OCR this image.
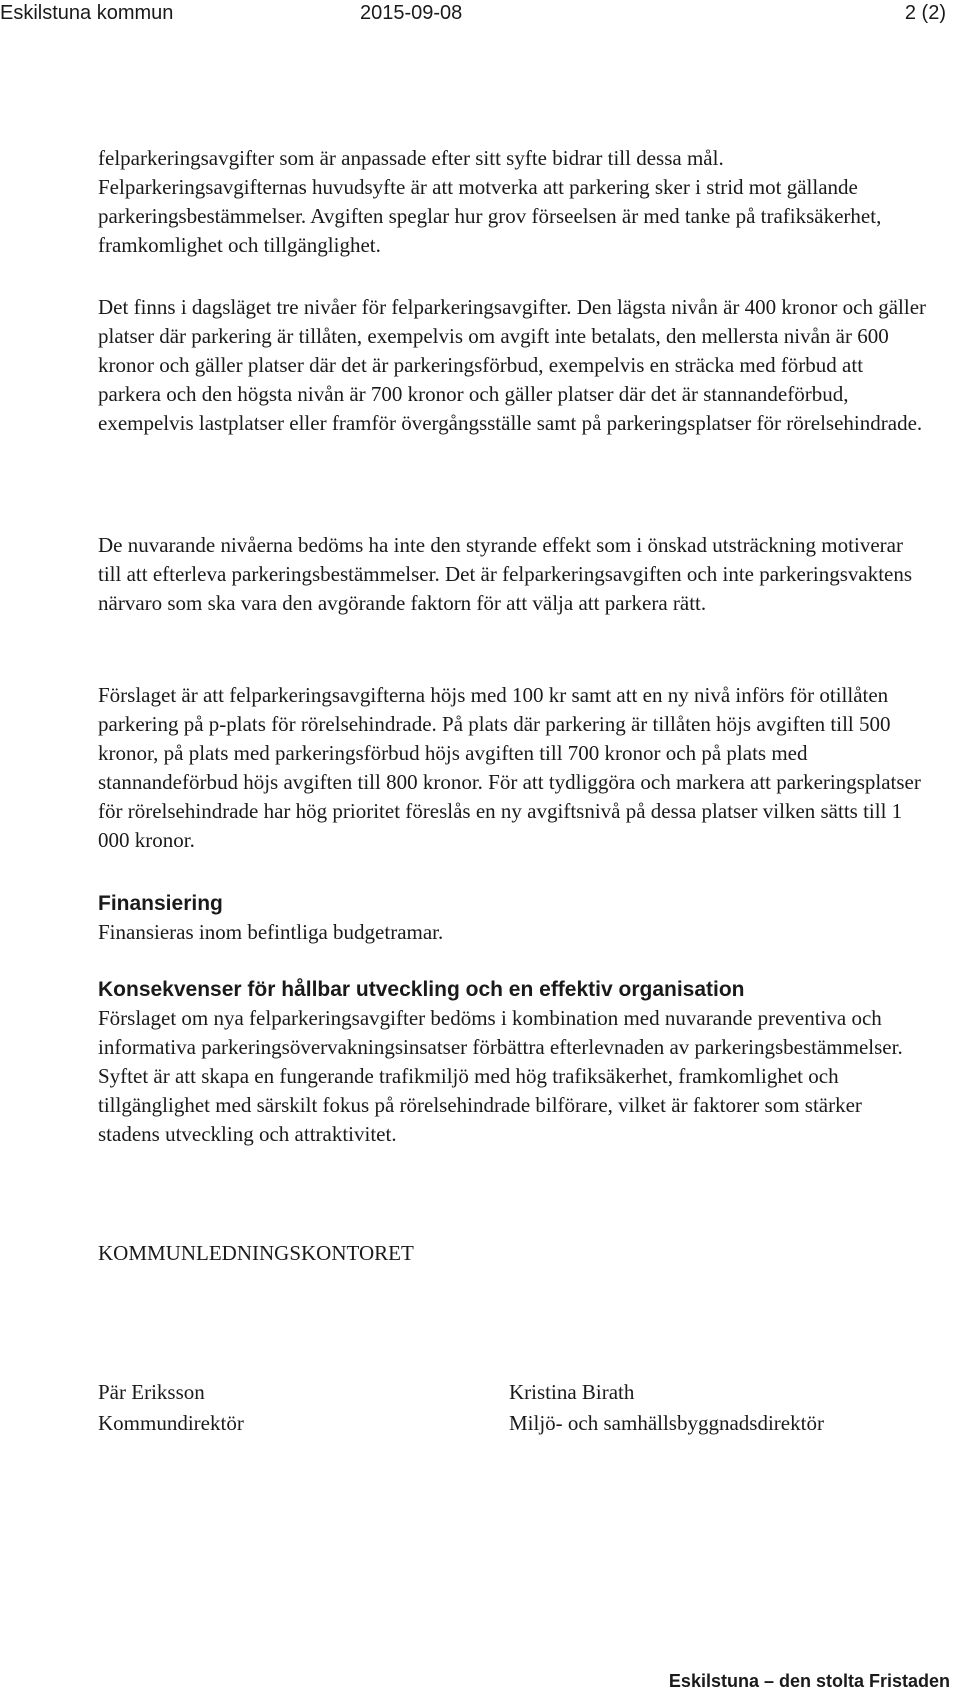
Eskilstuna kommun	2015-09-08	2 (2)

felparkeringsavgifter som är anpassade efter sitt syfte bidrar till dessa mål. Felparkeringsavgifternas huvudsyfte är att motverka att parkering sker i strid mot gällande parkeringsbestämmelser. Avgiften speglar hur grov förseelsen är med tanke på trafiksäkerhet, framkomlighet och tillgänglighet.

Det finns i dagsläget tre nivåer för felparkeringsavgifter. Den lägsta nivån är 400 kronor och gäller platser där parkering är tillåten, exempelvis om avgift inte betalats, den mellersta nivån är 600 kronor och gäller platser där det är parkeringsförbud, exempelvis en sträcka med förbud att parkera och den högsta nivån är 700 kronor och gäller platser där det är stannandeförbud, exempelvis lastplatser eller framför övergångsställe samt på parkeringsplatser för rörelsehindrade.

De nuvarande nivåerna bedöms ha inte den styrande effekt som i önskad utsträckning motiverar till att efterleva parkeringsbestämmelser. Det är felparkeringsavgiften och inte parkeringsvaktens närvaro som ska vara den avgörande faktorn för att välja att parkera rätt.

Förslaget är att felparkeringsavgifterna höjs med 100 kr samt att en ny nivå införs för otillåten parkering på p-plats för rörelsehindrade. På plats där parkering är tillåten höjs avgiften till 500 kronor, på plats med parkeringsförbud höjs avgiften till 700 kronor och på plats med stannandeförbud höjs avgiften till 800 kronor. För att tydliggöra och markera att parkeringsplatser för rörelsehindrade har hög prioritet föreslås en ny avgiftsnivå på dessa platser vilken sätts till 1 000 kronor.

Finansiering

Finansieras inom befintliga budgetramar.

Konsekvenser för hållbar utveckling och en effektiv organisation

Förslaget om nya felparkeringsavgifter bedöms i kombination med nuvarande preventiva och informativa parkeringsövervakningsinsatser förbättra efterlevnaden av parkeringsbestämmelser. Syftet är att skapa en fungerande trafikmiljö med hög trafiksäkerhet, framkomlighet och tillgänglighet med särskilt fokus på rörelsehindrade bilförare, vilket är faktorer som stärker stadens utveckling och attraktivitet.

KOMMUNLEDNINGSKONTORET

Pär Eriksson
Kommundirektör
Kristina Birath
Miljö- och samhällsbyggnadsdirektör
Eskilstuna – den stolta Fristaden
